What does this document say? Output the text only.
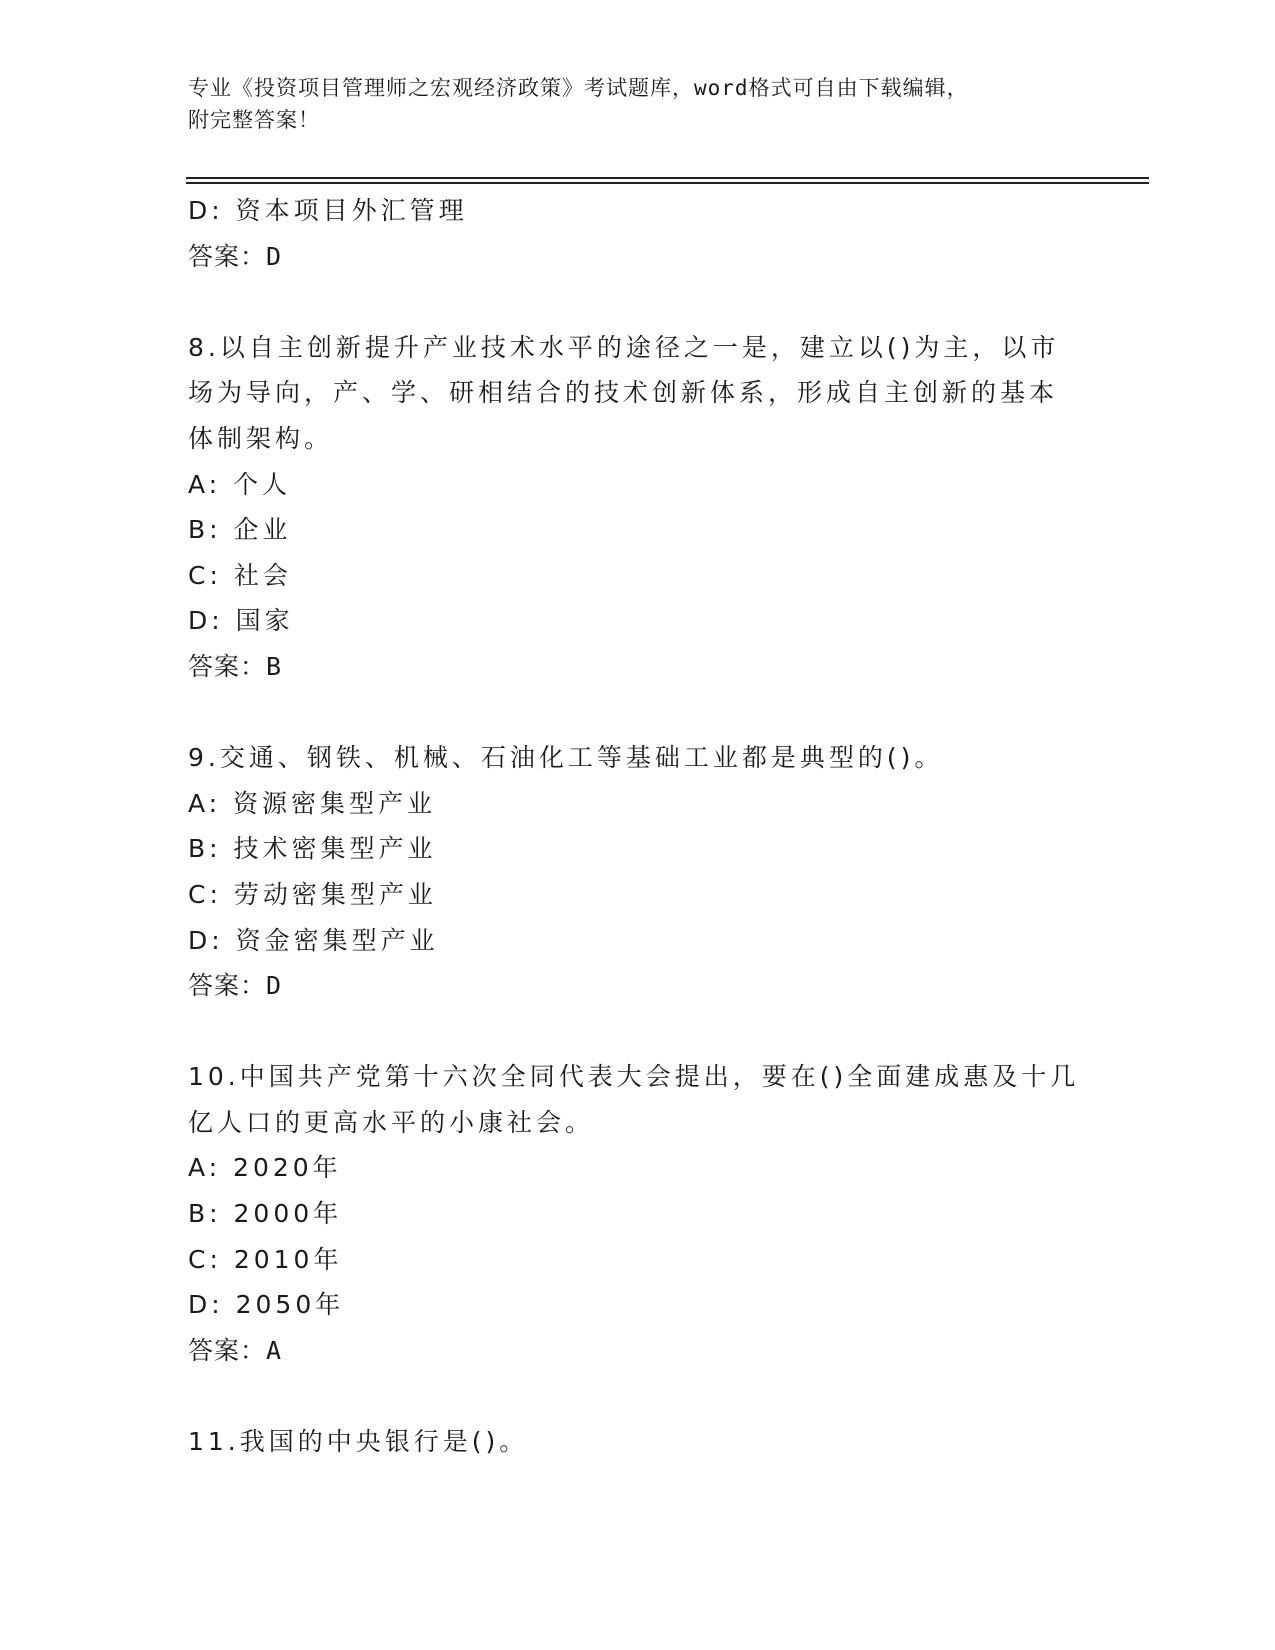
专业《投资项目管理师之宏观经济政策》考试题库，word格式可自由下载编辑，
附完整答案！
D: 资本项目外汇管理
答案：D
8.以自主创新提升产业技术水平的途径之一是，建立以()为主，以市
场为导向，产、学、研相结合的技术创新体系，形成自主创新的基本
体制架构。
A: 个人
B: 企业
C: 社会
D: 国家
答案：B
9.交通、钢铁、机械、石油化工等基础工业都是典型的()。
A: 资源密集型产业
B: 技术密集型产业
C: 劳动密集型产业
D: 资金密集型产业
答案：D
10.中国共产党第十六次全同代表大会提出，要在()全面建成惠及十几
亿人口的更高水平的小康社会。
A: 2020年
B: 2000年
C: 2010年
D: 2050年
答案：A
11.我国的中央银行是()。
